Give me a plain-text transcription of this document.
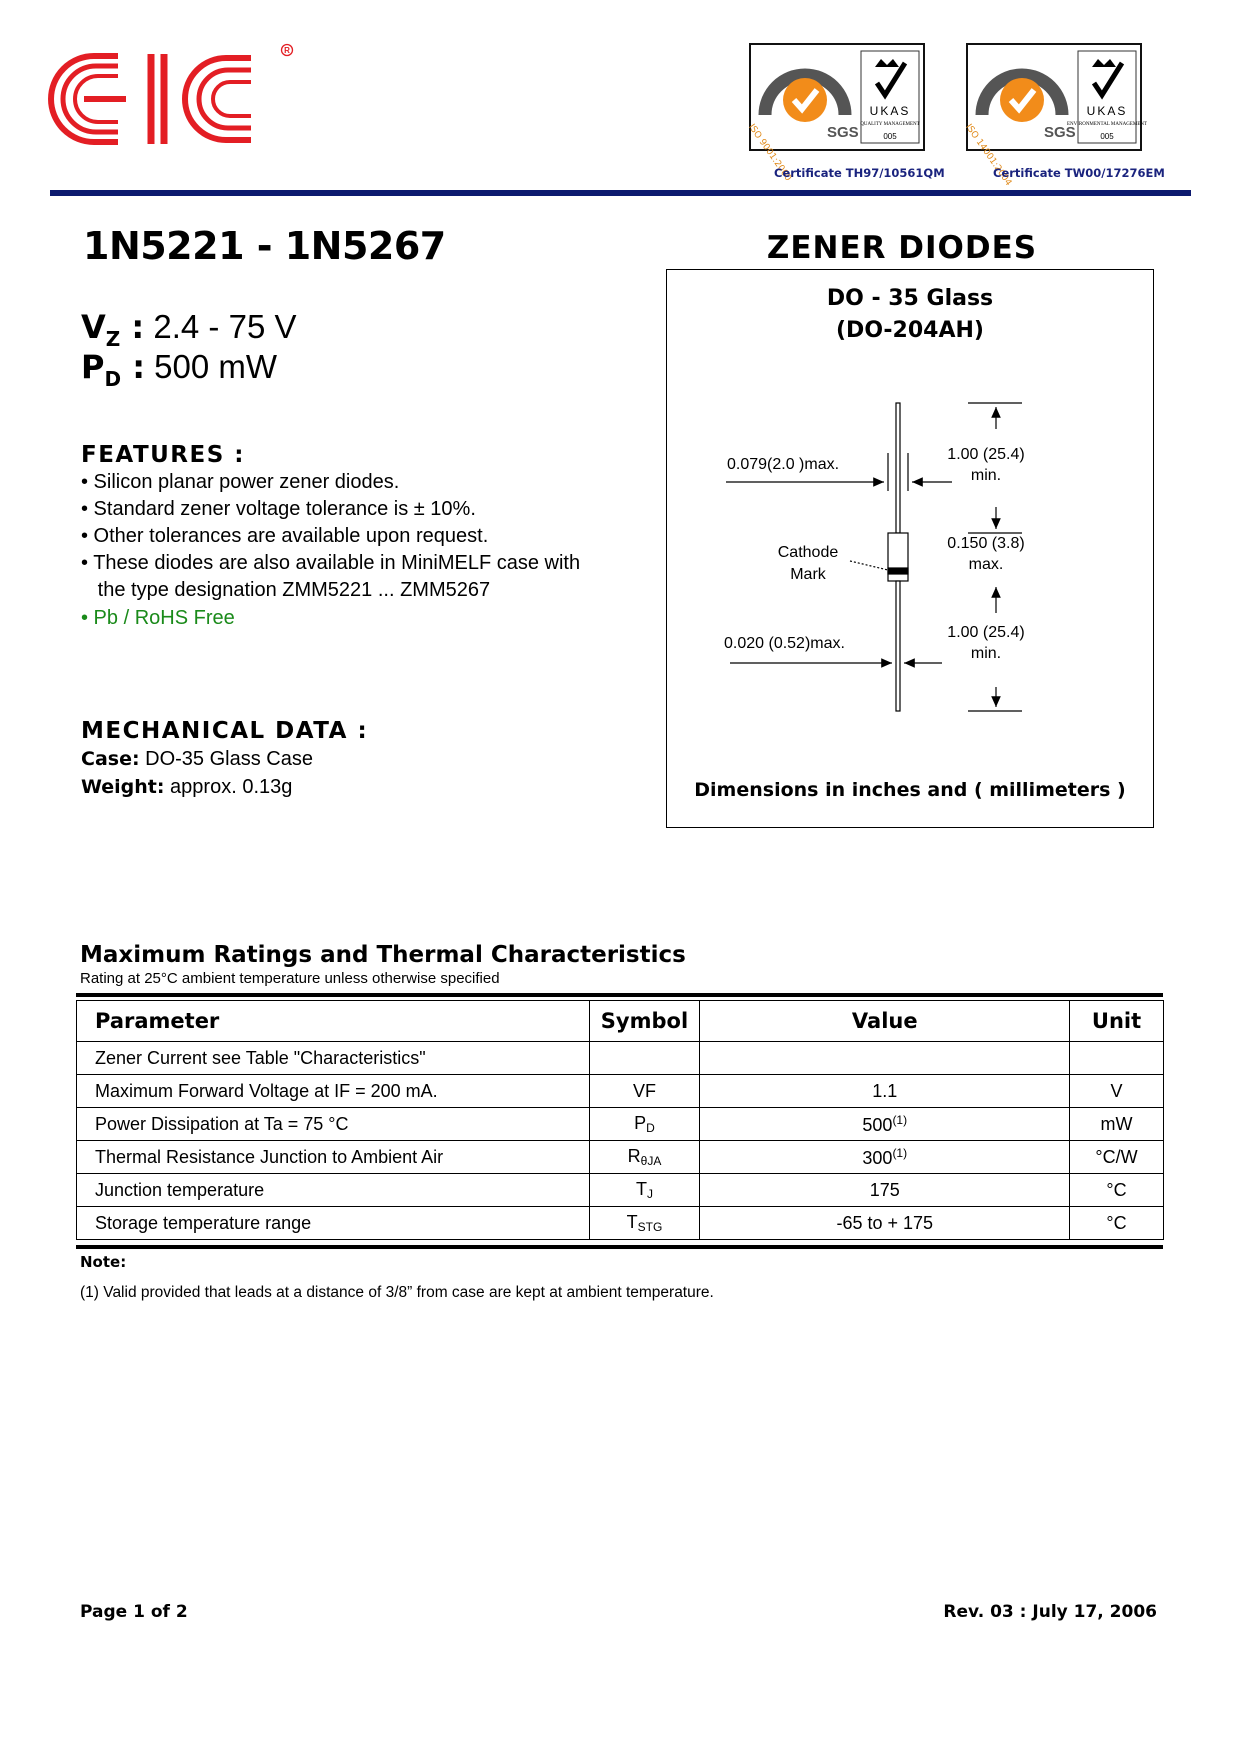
R
ISO 9001:2000 SGS
UKAS
QUALITY MANAGEMENT
005	ISO 14001:2004 SGS
UKAS
ENVIRONMENTAL MANAGEMENT
005
Certificate TH97/10561QM	Certificate TW00/17276EM
1N5221 - 1N5267	ZENER DIODES
$V_Z$ : 2.4 - 75 V
$P_D$ : 500 mW
FEATURES :
• Silicon planar power zener diodes.
• Standard zener voltage tolerance is ± 10%.
• Other tolerances are available upon request.
• These diodes are also available in MiniMELF case with
the type designation ZMM5221 ... ZMM5267
• Pb / RoHS Free
MECHANICAL DATA :
Case: DO-35 Glass Case
Weight: approx. 0.13g
DO - 35 Glass
(DO-204AH)
0.079(2.0 )max.
1.00 (25.4)
min.
0.150 (3.8)
max.
1.00 (25.4)
min.
0.020 (0.52)max.
Cathode
Mark
Dimensions in inches and ( millimeters )
Maximum Ratings and Thermal Characteristics
Rating at 25°C ambient temperature unless otherwise specified
Parameter	Symbol	Value	Unit
Zener Current see Table "Characteristics"			
Maximum Forward Voltage at IF = 200 mA.	VF	1.1	V
Power Dissipation at Ta = 75 °C	$P_D$	500$^{(1)}$	mW
Thermal Resistance Junction to Ambient Air	$R_{\theta JA}$	300$^{(1)}$	°C/W
Junction temperature	$T_J$	175	°C
Storage temperature range	$T_{STG}$	-65 to + 175	°C
Note:
(1) Valid provided that leads at a distance of 3/8” from case are kept at ambient temperature.
Page 1 of 2	Rev. 03 : July 17, 2006
